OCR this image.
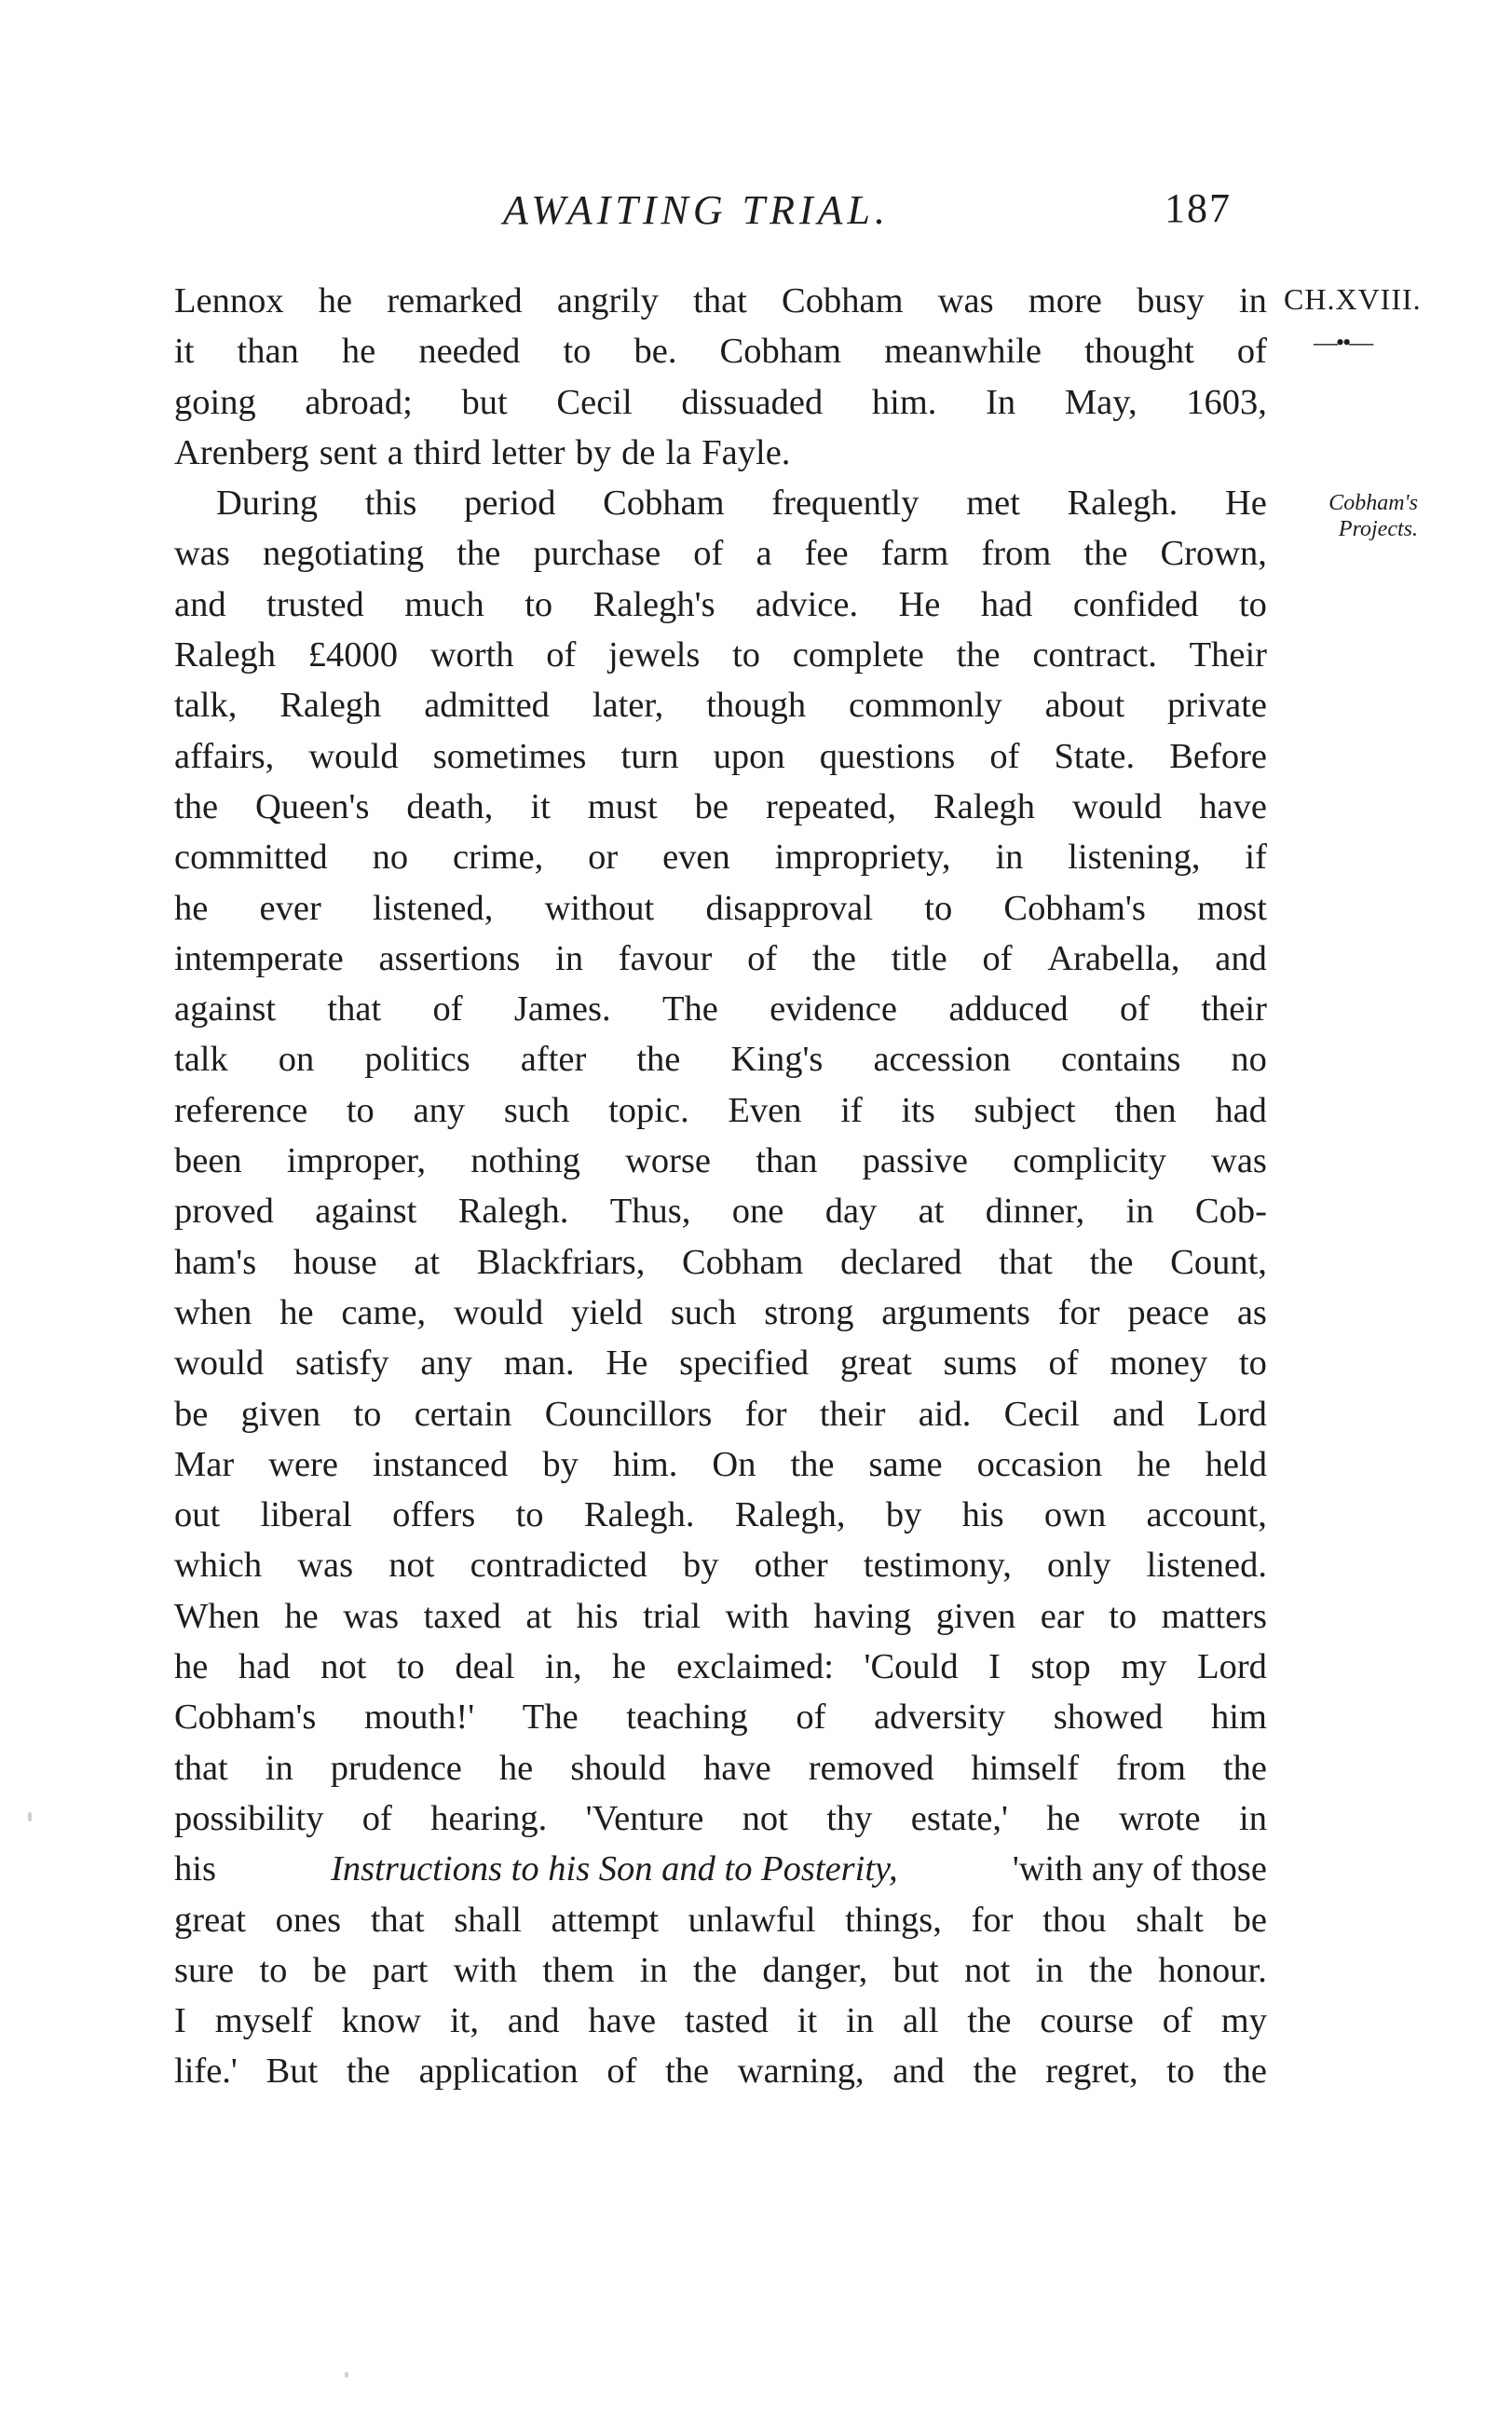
AWAITING TRIAL.	187
CH.XVIII.
—••—
Cobham's
Projects.
Lennox he remarked angrily that Cobham was more busy in
it than he needed to be. Cobham meanwhile thought of
going abroad; but Cecil dissuaded him. In May, 1603,
Arenberg sent a third letter by de la Fayle.
During this period Cobham frequently met Ralegh. He
was negotiating the purchase of a fee farm from the Crown,
and trusted much to Ralegh's advice. He had confided to
Ralegh £4000 worth of jewels to complete the contract. Their
talk, Ralegh admitted later, though commonly about private
affairs, would sometimes turn upon questions of State. Before
the Queen's death, it must be repeated, Ralegh would have
committed no crime, or even impropriety, in listening, if
he ever listened, without disapproval to Cobham's most
intemperate assertions in favour of the title of Arabella, and
against that of James. The evidence adduced of their
talk on politics after the King's accession contains no
reference to any such topic. Even if its subject then had
been improper, nothing worse than passive complicity was
proved against Ralegh. Thus, one day at dinner, in Cob-
ham's house at Blackfriars, Cobham declared that the Count,
when he came, would yield such strong arguments for peace as
would satisfy any man. He specified great sums of money to
be given to certain Councillors for their aid. Cecil and Lord
Mar were instanced by him. On the same occasion he held
out liberal offers to Ralegh. Ralegh, by his own account,
which was not contradicted by other testimony, only listened.
When he was taxed at his trial with having given ear to matters
he had not to deal in, he exclaimed: 'Could I stop my Lord
Cobham's mouth!' The teaching of adversity showed him
that in prudence he should have removed himself from the
possibility of hearing. 'Venture not thy estate,' he wrote in
his	Instructions to his Son and to Posterity,	'with any of those
great ones that shall attempt unlawful things, for thou shalt be
sure to be part with them in the danger, but not in the honour.
I myself know it, and have tasted it in all the course of my
life.' But the application of the warning, and the regret, to the
